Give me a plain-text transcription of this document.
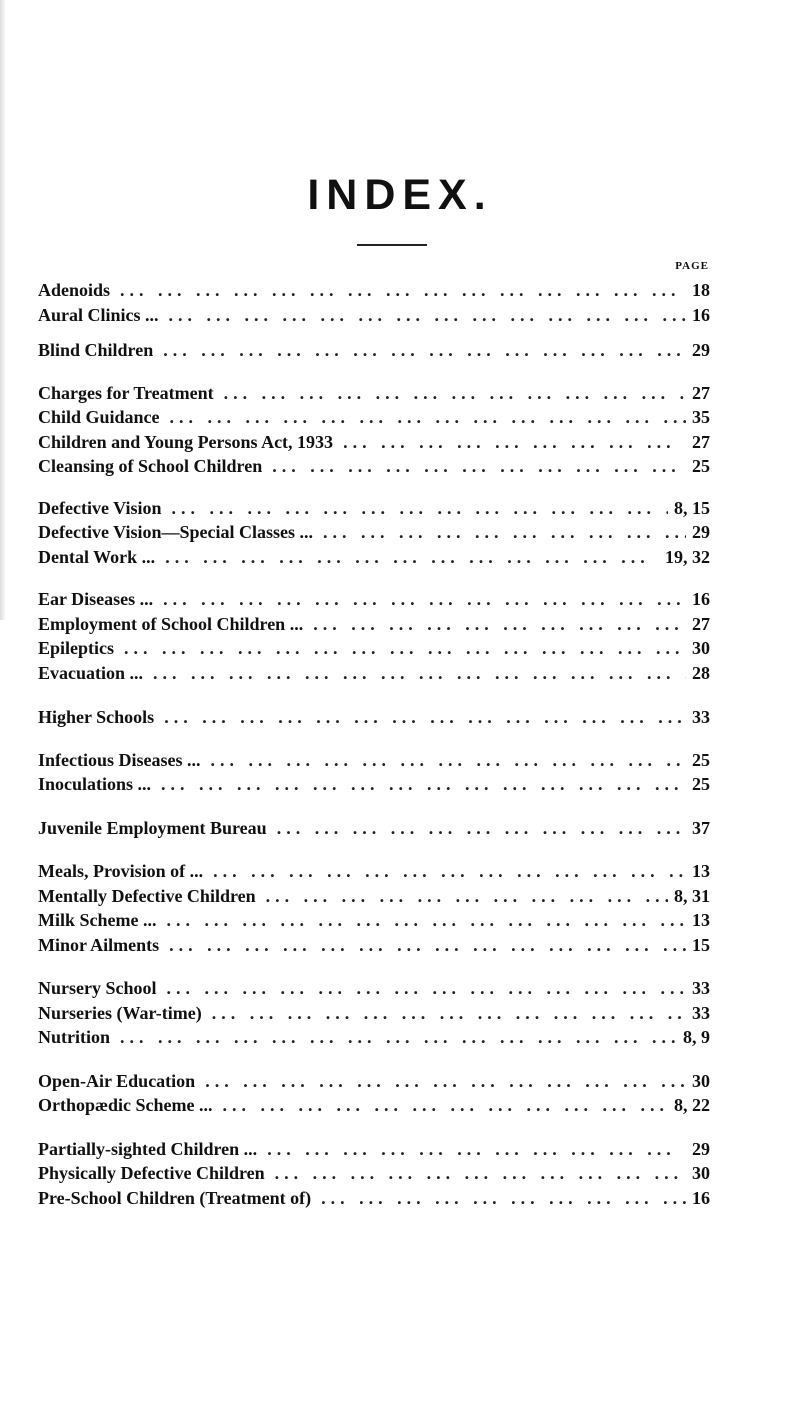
INDEX.
PAGE
Adenoids ... .	18
Aural Clinics ... ... .	16
Blind Children ... .	29
Charges for Treatment ... .	27
Child Guidance ... .	35
Children and Young Persons Act, 1933 ... .	27
Cleansing of School Children ... .	25
Defective Vision ... .	8, 15
Defective Vision—Special Classes ... ... .	29
Dental Work ... ... .	19, 32
Ear Diseases ... ... .	16
Employment of School Children ... ... .	27
Epileptics ... .	30
Evacuation ... ... .	28
Higher Schools ... .	33
Infectious Diseases ... ... .	25
Inoculations ... ... .	25
Juvenile Employment Bureau ... .	37
Meals, Provision of ... ... .	13
Mentally Defective Children ... .	8, 31
Milk Scheme ... ... .	13
Minor Ailments ... .	15
Nursery School ... .	33
Nurseries (War-time) ... .	33
Nutrition ... .	8, 9
Open-Air Education ... .	30
Orthopædic Scheme ... ... .	8, 22
Partially-sighted Children ... ... .	29
Physically Defective Children ... .	30
Pre-School Children (Treatment of) ... .	16
